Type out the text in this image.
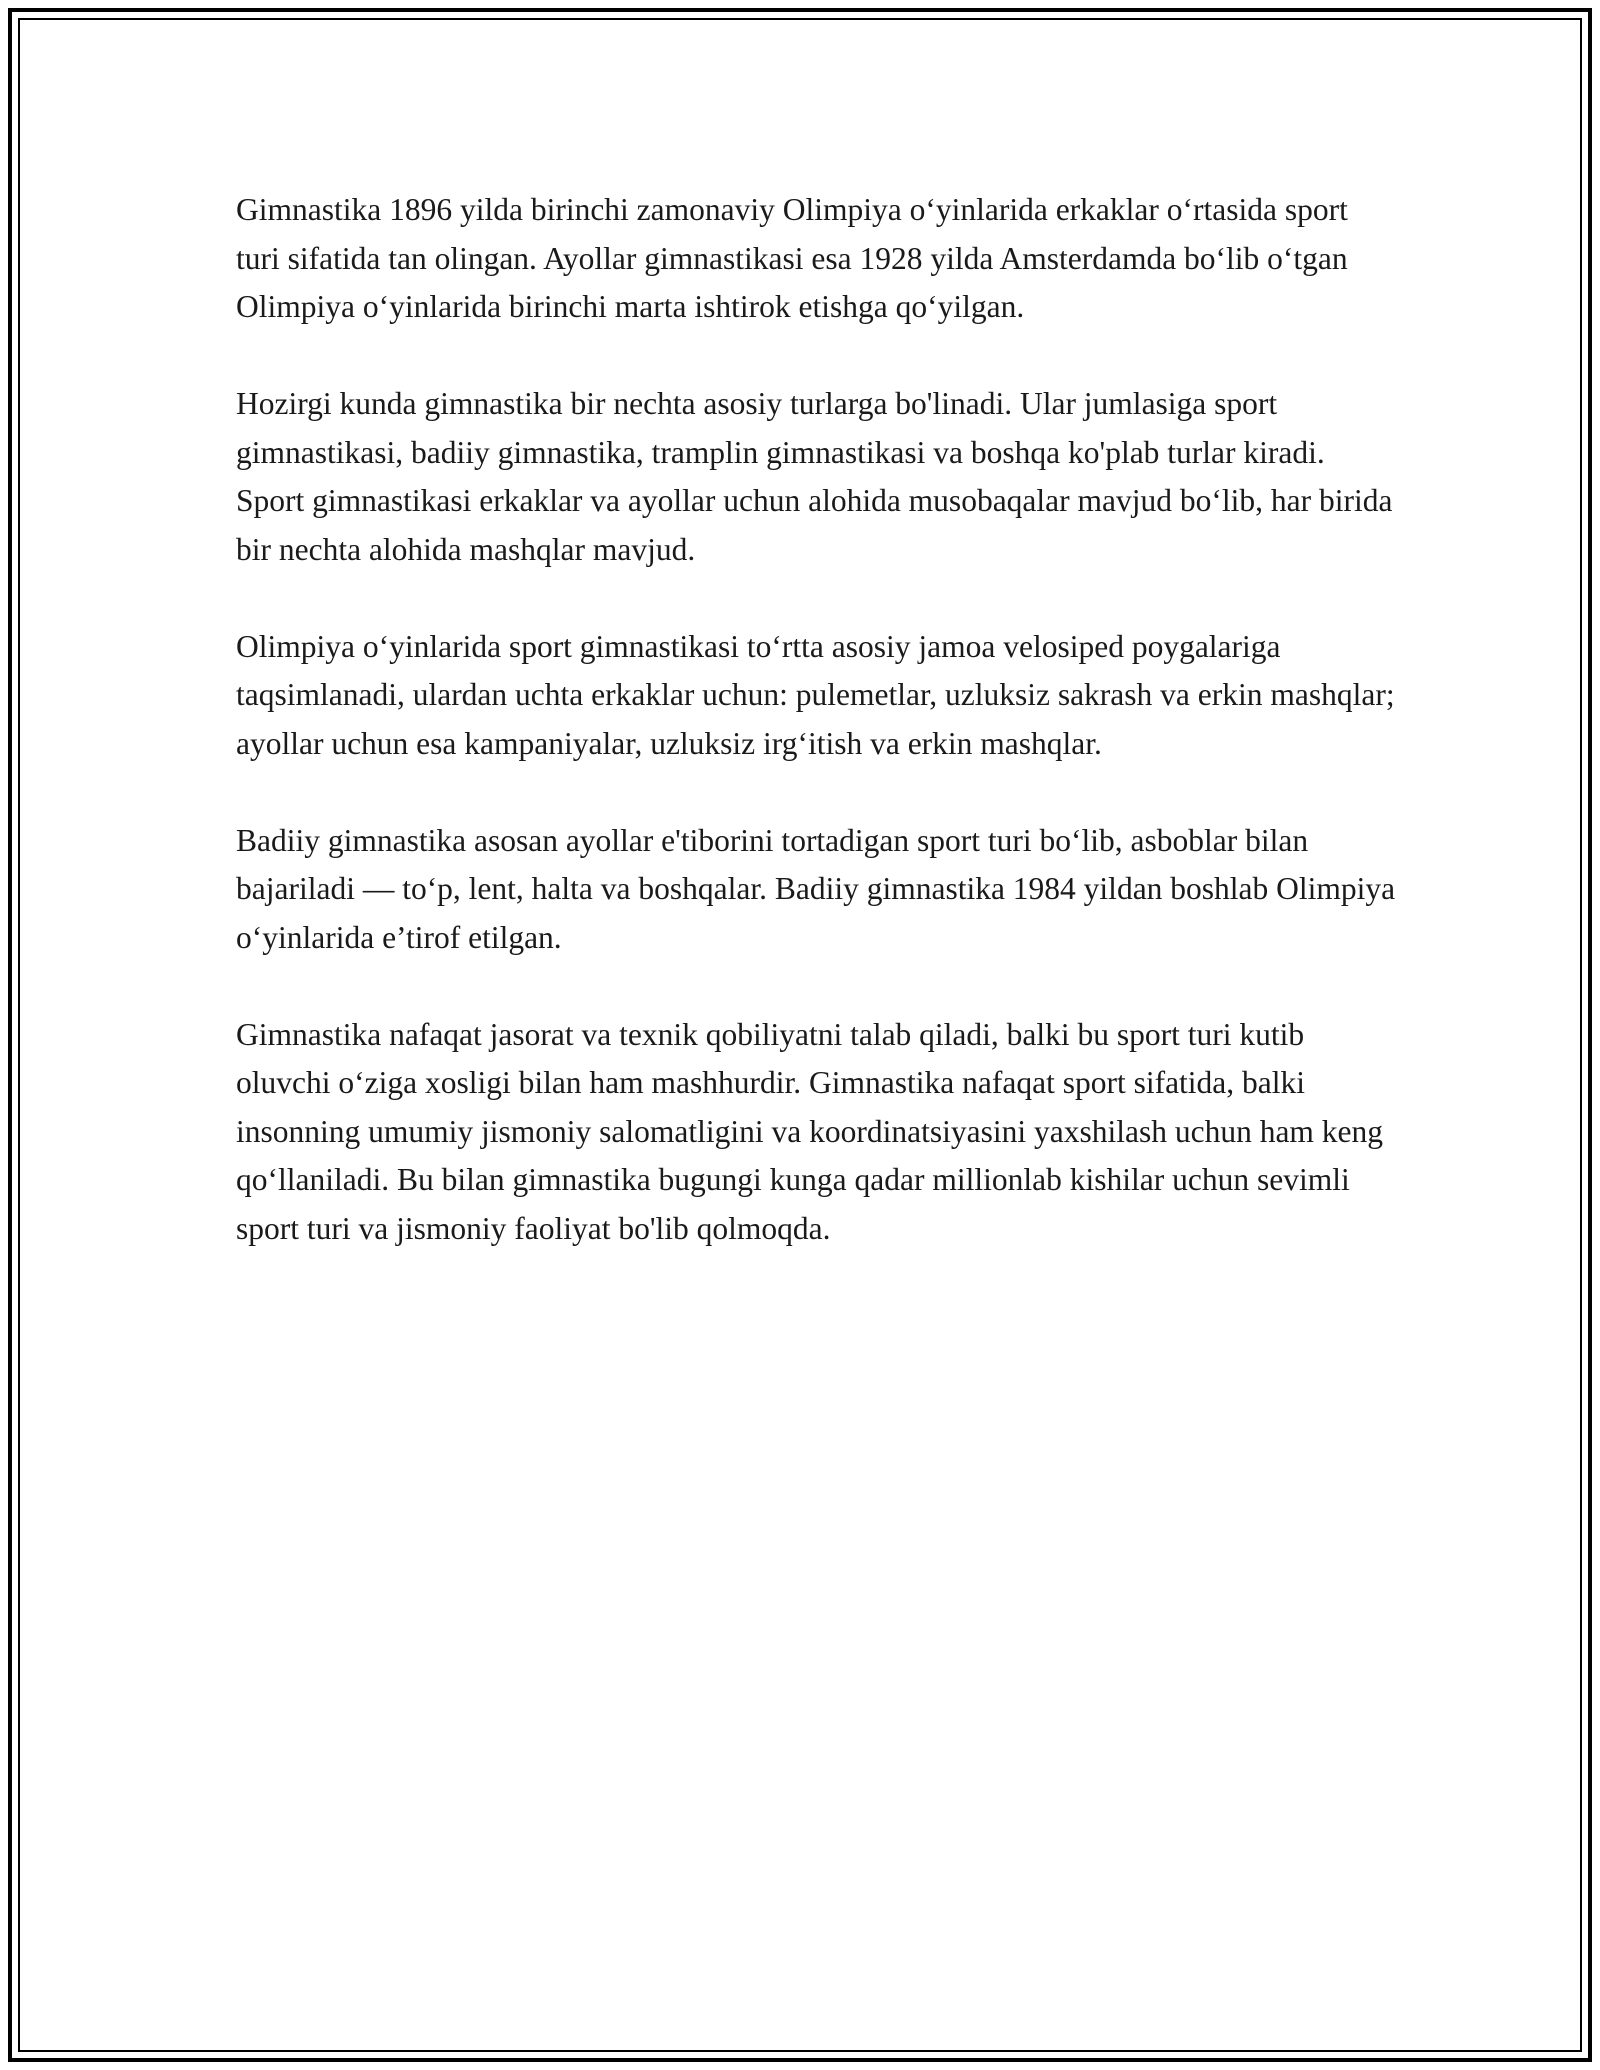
Gimnastika 1896 yilda birinchi zamonaviy Olimpiya o‘yinlarida erkaklar o‘rtasida sport turi sifatida tan olingan. Ayollar gimnastikasi esa 1928 yilda Amsterdamda bo‘lib o‘tgan Olimpiya o‘yinlarida birinchi marta ishtirok etishga qo‘yilgan.

Hozirgi kunda gimnastika bir nechta asosiy turlarga bo'linadi. Ular jumlasiga sport gimnastikasi, badiiy gimnastika, tramplin gimnastikasi va boshqa ko'plab turlar kiradi. Sport gimnastikasi erkaklar va ayollar uchun alohida musobaqalar mavjud bo‘lib, har birida bir nechta alohida mashqlar mavjud.

Olimpiya o‘yinlarida sport gimnastikasi to‘rtta asosiy jamoa velosiped poygalariga taqsimlanadi, ulardan uchta erkaklar uchun: pulemetlar, uzluksiz sakrash va erkin mashqlar; ayollar uchun esa kampaniyalar, uzluksiz irg‘itish va erkin mashqlar.

Badiiy gimnastika asosan ayollar e'tiborini tortadigan sport turi bo‘lib, asboblar bilan bajariladi — to‘p, lent, halta va boshqalar. Badiiy gimnastika 1984 yildan boshlab Olimpiya o‘yinlarida e’tirof etilgan.

Gimnastika nafaqat jasorat va texnik qobiliyatni talab qiladi, balki bu sport turi kutib oluvchi o‘ziga xosligi bilan ham mashhurdir. Gimnastika nafaqat sport sifatida, balki insonning umumiy jismoniy salomatligini va koordinatsiyasini yaxshilash uchun ham keng qo‘llaniladi. Bu bilan gimnastika bugungi kunga qadar millionlab kishilar uchun sevimli sport turi va jismoniy faoliyat bo'lib qolmoqda.
